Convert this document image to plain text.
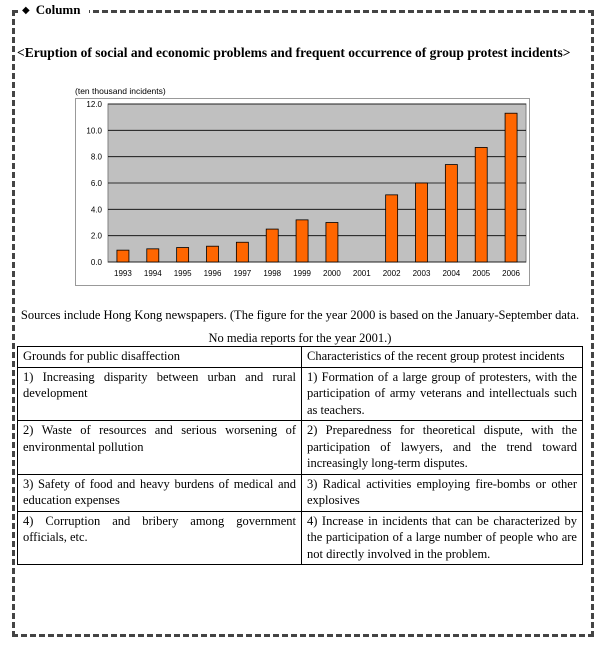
◆ Column
<Eruption of social and economic problems and frequent occurrence of group protest incidents>
(ten thousand incidents)
0.0
2.0
4.0
6.0
8.0
10.0
12.0
1993 1994 1995 1996 1997 1998 1999 2000 2001 2002 2003 2004 2005 2006
Sources include Hong Kong newspapers. (The figure for the year 2000 is based on the January-September data. No media reports for the year 2001.)
Grounds for public disaffection	Characteristics of the recent group protest incidents
1) Increasing disparity between urban and rural development	1) Formation of a large group of protesters, with the participation of army veterans and intellectuals such as teachers.
2) Waste of resources and serious worsening of environmental pollution	2) Preparedness for theoretical dispute, with the participation of lawyers, and the trend toward increasingly long-term disputes.
3) Safety of food and heavy burdens of medical and education expenses	3) Radical activities employing fire-bombs or other explosives
4) Corruption and bribery among government officials, etc.	4) Increase in incidents that can be characterized by the participation of a large number of people who are not directly involved in the problem.
